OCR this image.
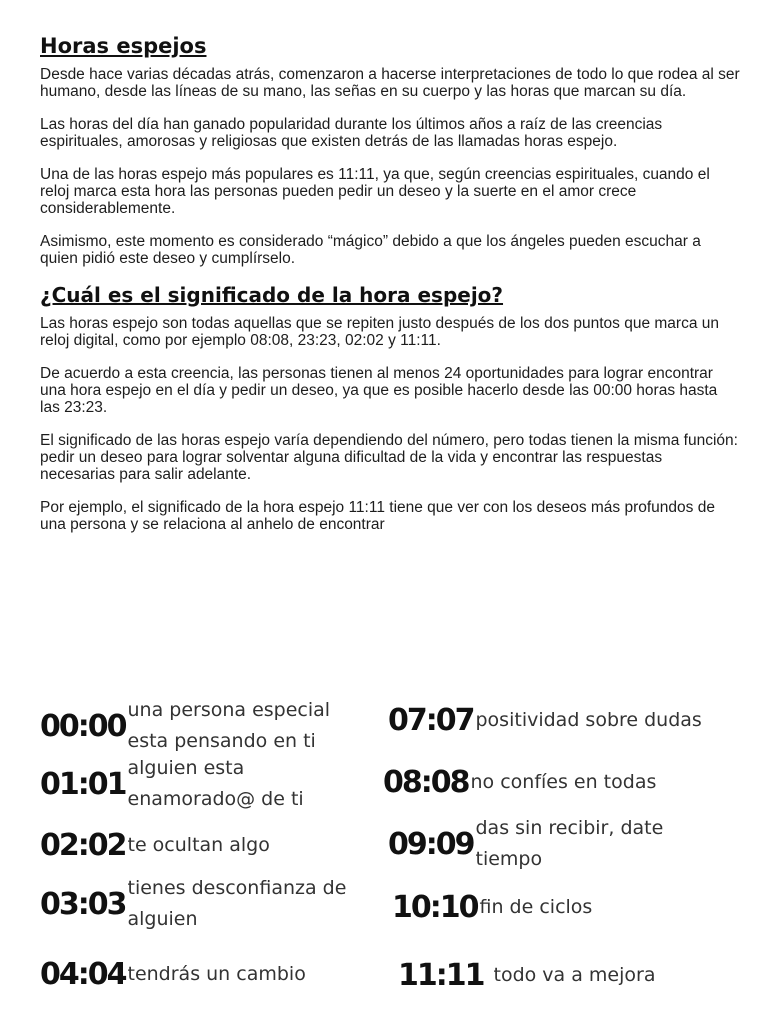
Horas espejos

Desde hace varias décadas atrás, comenzaron a hacerse interpretaciones de todo lo que rodea al ser humano, desde las líneas de su mano, las señas en su cuerpo y las horas que marcan su día.

Las horas del día han ganado popularidad durante los últimos años a raíz de las creencias espirituales, amorosas y religiosas que existen detrás de las llamadas horas espejo.

Una de las horas espejo más populares es 11:11, ya que, según creencias espirituales, cuando el reloj marca esta hora las personas pueden pedir un deseo y la suerte en el amor crece considerablemente.

Asimismo, este momento es considerado “mágico” debido a que los ángeles pueden escuchar a quien pidió este deseo y cumplírselo.

¿Cuál es el significado de la hora espejo?

Las horas espejo son todas aquellas que se repiten justo después de los dos puntos que marca un reloj digital, como por ejemplo 08:08, 23:23, 02:02 y 11:11.

De acuerdo a esta creencia, las personas tienen al menos 24 oportunidades para lograr encontrar una hora espejo en el día y pedir un deseo, ya que es posible hacerlo desde las 00:00 horas hasta las 23:23.

El significado de las horas espejo varía dependiendo del número, pero todas tienen la misma función: pedir un deseo para lograr solventar alguna dificultad de la vida y encontrar las respuestas necesarias para salir adelante.

Por ejemplo, el significado de la hora espejo 11:11 tiene que ver con los deseos más profundos de una persona y se relaciona al anhelo de encontrar

00:00 una persona especial esta pensando en ti
01:01 alguien esta enamorado@ de ti
02:02 te ocultan algo
03:03 tienes desconfianza de alguien
04:04 tendrás un cambio
07:07 positividad sobre dudas
08:08 no confíes en todas
09:09 das sin recibir, date tiempo
10:10 fin de ciclos
11:11 todo va a mejora
